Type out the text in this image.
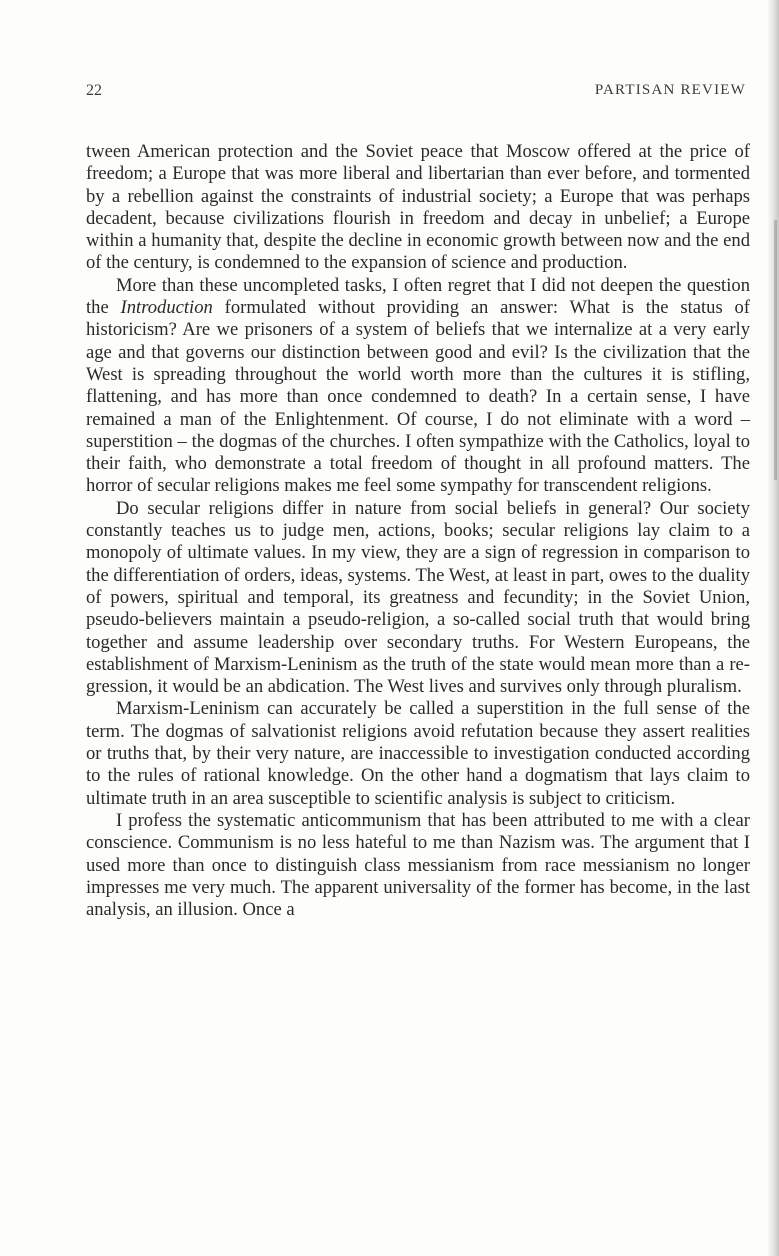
22	PARTISAN REVIEW

tween American protection and the Soviet peace that Moscow offered at the price of freedom; a Europe that was more liberal and libertarian than ever before, and tormented by a rebellion against the constraints of industrial society; a Europe that was perhaps decadent, because civilizations flourish in freedom and decay in unbelief; a Europe within a humanity that, despite the decline in economic growth between now and the end of the century, is condemned to the expansion of science and production.

More than these uncompleted tasks, I often regret that I did not deepen the question the Introduction formulated without providing an answer: What is the status of historicism? Are we prisoners of a system of beliefs that we internalize at a very early age and that governs our distinction between good and evil? Is the civilization that the West is spreading throughout the world worth more than the cultures it is stifling, flattening, and has more than once condemned to death? In a certain sense, I have remained a man of the Enlightenment. Of course, I do not eliminate with a word – superstition – the dogmas of the churches. I often sympathize with the Catholics, loyal to their faith, who demonstrate a total freedom of thought in all profound matters. The horror of secular religions makes me feel some sympathy for transcendent religions.

Do secular religions differ in nature from social beliefs in general? Our society constantly teaches us to judge men, actions, books; secular religions lay claim to a monopoly of ultimate values. In my view, they are a sign of regression in comparison to the differentiation of orders, ideas, systems. The West, at least in part, owes to the duality of powers, spiritual and temporal, its greatness and fecundity; in the Soviet Union, pseudo-believers maintain a pseudo-religion, a so-called social truth that would bring together and assume leadership over secondary truths. For Western Europeans, the establishment of Marxism-Leninism as the truth of the state would mean more than a regression, it would be an abdication. The West lives and survives only through pluralism.

Marxism-Leninism can accurately be called a superstition in the full sense of the term. The dogmas of salvationist religions avoid refutation because they assert realities or truths that, by their very nature, are inaccessible to investigation conducted according to the rules of rational knowledge. On the other hand a dogmatism that lays claim to ultimate truth in an area susceptible to scientific analysis is subject to criticism.

I profess the systematic anticommunism that has been attributed to me with a clear conscience. Communism is no less hateful to me than Nazism was. The argument that I used more than once to distinguish class messianism from race messianism no longer impresses me very much. The apparent universality of the former has become, in the last analysis, an illusion. Once a
